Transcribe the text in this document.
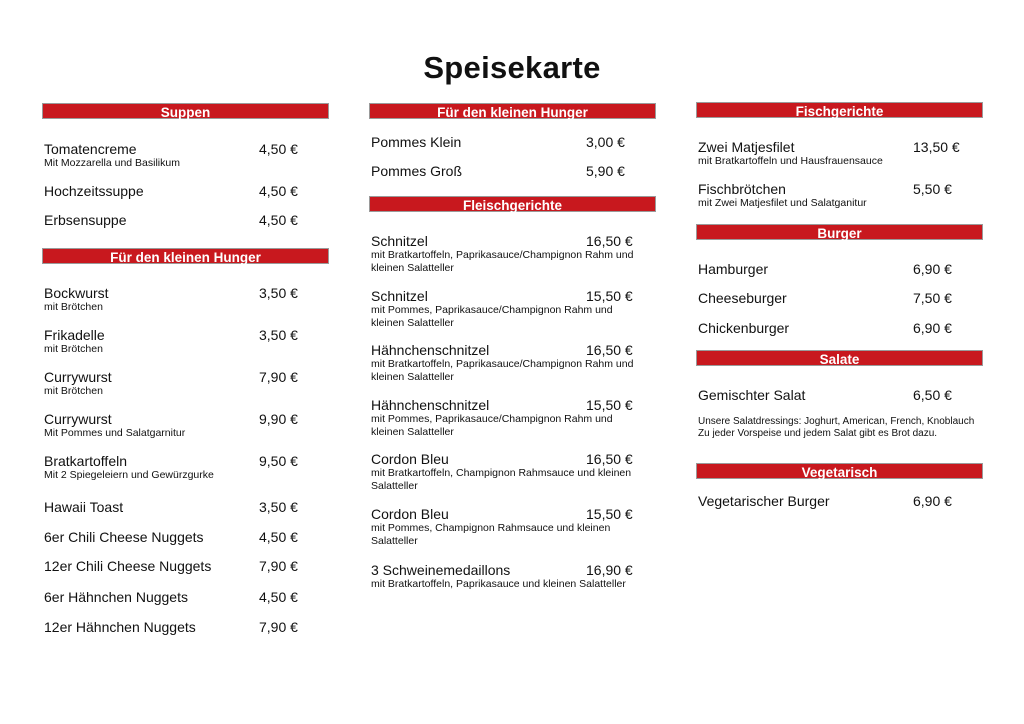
Speisekarte
Suppen
Tomatencreme	4,50 €
Mit Mozzarella und Basilikum
Hochzeitssuppe	4,50 €
Erbsensuppe	4,50 €
Für den kleinen Hunger
Bockwurst	3,50 €
mit Brötchen
Frikadelle	3,50 €
mit Brötchen
Currywurst	7,90 €
mit Brötchen
Currywurst	9,90 €
Mit Pommes und Salatgarnitur
Bratkartoffeln	9,50 €
Mit 2 Spiegeleiern und Gewürzgurke
Hawaii Toast	3,50 €
6er Chili Cheese Nuggets	4,50 €
12er Chili Cheese Nuggets	7,90 €
6er Hähnchen Nuggets	4,50 €
12er Hähnchen Nuggets	7,90 €
Für den kleinen Hunger
Pommes Klein	3,00 €
Pommes Groß	5,90 €
Fleischgerichte
Schnitzel	16,50 €
mit Bratkartoffeln, Paprikasauce/Champignon Rahm und kleinen Salatteller
Schnitzel	15,50 €
mit Pommes, Paprikasauce/Champignon Rahm und kleinen Salatteller
Hähnchenschnitzel	16,50 €
mit Bratkartoffeln, Paprikasauce/Champignon Rahm und kleinen Salatteller
Hähnchenschnitzel	15,50 €
mit Pommes, Paprikasauce/Champignon Rahm und kleinen Salatteller
Cordon Bleu	16,50 €
mit Bratkartoffeln, Champignon Rahmsauce und kleinen Salatteller
Cordon Bleu	15,50 €
mit Pommes, Champignon Rahmsauce und kleinen Salatteller
3 Schweinemedaillons	16,90 €
mit Bratkartoffeln, Paprikasauce und kleinen Salatteller
Fischgerichte
Zwei Matjesfilet	13,50 €
mit Bratkartoffeln und Hausfrauensauce
Fischbrötchen	5,50 €
mit Zwei Matjesfilet und Salatganitur
Burger
Hamburger	6,90 €
Cheeseburger	7,50 €
Chickenburger	6,90 €
Salate
Gemischter Salat	6,50 €
Unsere Salatdressings: Joghurt, American, French, Knoblauch Zu jeder Vorspeise und jedem Salat gibt es Brot dazu.
Vegetarisch
Vegetarischer Burger	6,90 €
